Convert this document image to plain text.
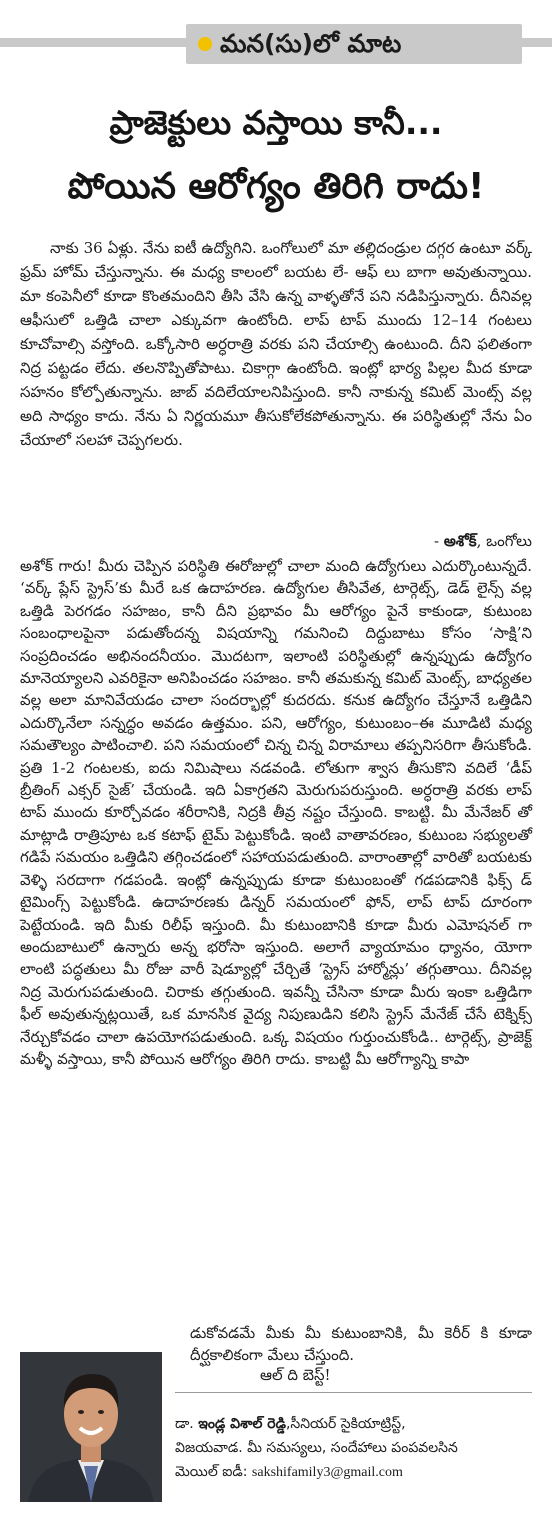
మన(సు)లో మాట
ప్రాజెక్టులు వస్తాయి కానీ...
పోయిన ఆరోగ్యం తిరిగి రాదు!

నాకు 36 ఏళ్లు. నేను ఐటీ ఉద్యోగిని. ఒంగోలులో మా తల్లిదండ్రుల దగ్గర ఉంటూ వర్క్ ఫ్రమ్ హోమ్ చేస్తున్నాను. ఈ మధ్య కాలంలో బయట లే- ఆఫ్ లు బాగా అవుతున్నాయి. మా కంపెనీలో కూడా కొంతమందిని తీసి వేసి ఉన్న వాళ్ళతోనే పని నడిపిస్తున్నారు. దీనివల్ల ఆఫీసులో ఒత్తిడి చాలా ఎక్కువగా ఉంటోంది. లాప్ టాప్ ముందు 12–14 గంటలు కూచోవాల్సి వస్తోంది. ఒక్కోసారి అర్ధరాత్రి వరకు పని చేయాల్సి ఉంటుంది. దీని ఫలితంగా నిద్ర పట్టడం లేదు. తలనొప్పితోపాటు. చికాగ్గా ఉంటోంది. ఇంట్లో భార్య పిల్లల మీద కూడా సహనం కోల్పోతున్నాను. జాబ్ వదిలేయాలనిపిస్తుంది. కానీ నాకున్న కమిట్ మెంట్స్ వల్ల అది సాధ్యం కాదు. నేను ఏ నిర్ణయమూ తీసుకోలేకపోతున్నాను. ఈ పరిస్థితుల్లో నేను ఏం చేయాలో సలహా చెప్పగలరు.

- అశోక్, ఒంగోలు

అశోక్ గారు! మీరు చెప్పిన పరిస్థితి ఈరోజుల్లో చాలా మంది ఉద్యోగులు ఎదుర్కొంటున్నదే. ‘వర్క్ ప్లేస్ స్ట్రెస్’కు మీరే ఒక ఉదాహరణ. ఉద్యోగుల తీసివేత, టార్గెట్స్, డెడ్ లైన్స్ వల్ల ఒత్తిడి పెరగడం సహజం, కానీ దీని ప్రభావం మీ ఆరోగ్యం పైనే కాకుండా, కుటుంబ సంబంధాలపైనా పడుతోందన్న విషయాన్ని గమనించి దిద్దుబాటు కోసం ‘సాక్షి’ని సంప్రదించడం అభినందనీయం. మొదటగా, ఇలాంటి పరిస్థితుల్లో ఉన్నప్పుడు ఉద్యోగం మానెయ్యాలని ఎవరికైనా అనిపించడం సహజం. కానీ తమకున్న కమిట్ మెంట్స్, బాధ్యతల వల్ల అలా మానివేయడం చాలా సందర్భాల్లో కుదరదు. కనుక ఉద్యోగం చేస్తూనే ఒత్తిడిని ఎదుర్కొనేలా సన్నద్ధం అవడం ఉత్తమం. పని, ఆరోగ్యం, కుటుంబం–ఈ మూడిటి మధ్య సమతౌల్యం పాటించాలి. పని సమయంలో చిన్న చిన్న విరామాలు తప్పనిసరిగా తీసుకోండి. ప్రతి 1-2 గంటలకు, ఐదు నిమిషాలు నడవండి. లోతుగా శ్వాస తీసుకొని వదిలే ‘డీప్ బ్రీతింగ్ ఎక్సర్ సైజ్’ చేయండి. ఇది ఏకాగ్రతని మెరుగుపరుస్తుంది. అర్ధరాత్రి వరకు లాప్ టాప్ ముందు కూర్చోవడం శరీరానికి, నిద్రకి తీవ్ర నష్టం చేస్తుంది. కాబట్టి. మీ మేనేజర్ తో మాట్లాడి రాత్రిపూట ఒక కటాఫ్ టైమ్ పెట్టుకోండి. ఇంటి వాతావరణం, కుటుంబ సభ్యులతో గడిపే సమయం ఒత్తిడిని తగ్గించడంలో సహాయపడుతుంది. వారాంతాల్లో వారితో బయటకు వెళ్ళి సరదాగా గడపండి. ఇంట్లో ఉన్నప్పుడు కూడా కుటుంబంతో గడపడానికి ఫిక్స్ డ్ టైమింగ్స్ పెట్టుకోండి. ఉదాహరణకు డిన్నర్ సమయంలో ఫోన్, లాప్ టాప్ దూరంగా పెట్టేయండి. ఇది మీకు రిలీఫ్ ఇస్తుంది. మీ కుటుంబానికి కూడా మీరు ఎమోషనల్ గా అందుబాటులో ఉన్నారు అన్న భరోసా ఇస్తుంది. అలాగే వ్యాయామం ధ్యానం, యోగా లాంటి పద్ధతులు మీ రోజు వారీ షెడ్యూల్లో చేర్చితే ‘స్ట్రెస్ హార్మోన్లు’ తగ్గుతాయి. దీనివల్ల నిద్ర మెరుగుపడుతుంది. చిరాకు తగ్గుతుంది. ఇవన్నీ చేసినా కూడా మీరు ఇంకా ఒత్తిడిగా ఫీల్ అవుతున్నట్లయితే, ఒక మానసిక వైద్య నిపుణుడిని కలిసి స్ట్రెస్ మేనేజ్ చేసే టెక్నిక్స్ నేర్చుకోవడం చాలా ఉపయోగపడుతుంది. ఒక్క విషయం గుర్తుంచుకోండి.. టార్గెట్స్, ప్రాజెక్ట్ మళ్ళీ వస్తాయి, కానీ పోయిన ఆరోగ్యం తిరిగి రాదు. కాబట్టి మీ ఆరోగ్యాన్ని కాపా

డుకోవడమే మీకు మీ కుటుంబానికి, మీ కెరీర్ కి కూడా దీర్ఘకాలికంగా మేలు చేస్తుంది.

ఆల్ ది బెస్ట్!
డా. ఇండ్ల విశాల్ రెడ్డి,సీనియర్ సైకియాట్రిస్ట్,
విజయవాడ. మీ సమస్యలు, సందేహాలు పంపవలసిన
మెయిల్ ఐడీ: sakshifamily3@gmail.com
